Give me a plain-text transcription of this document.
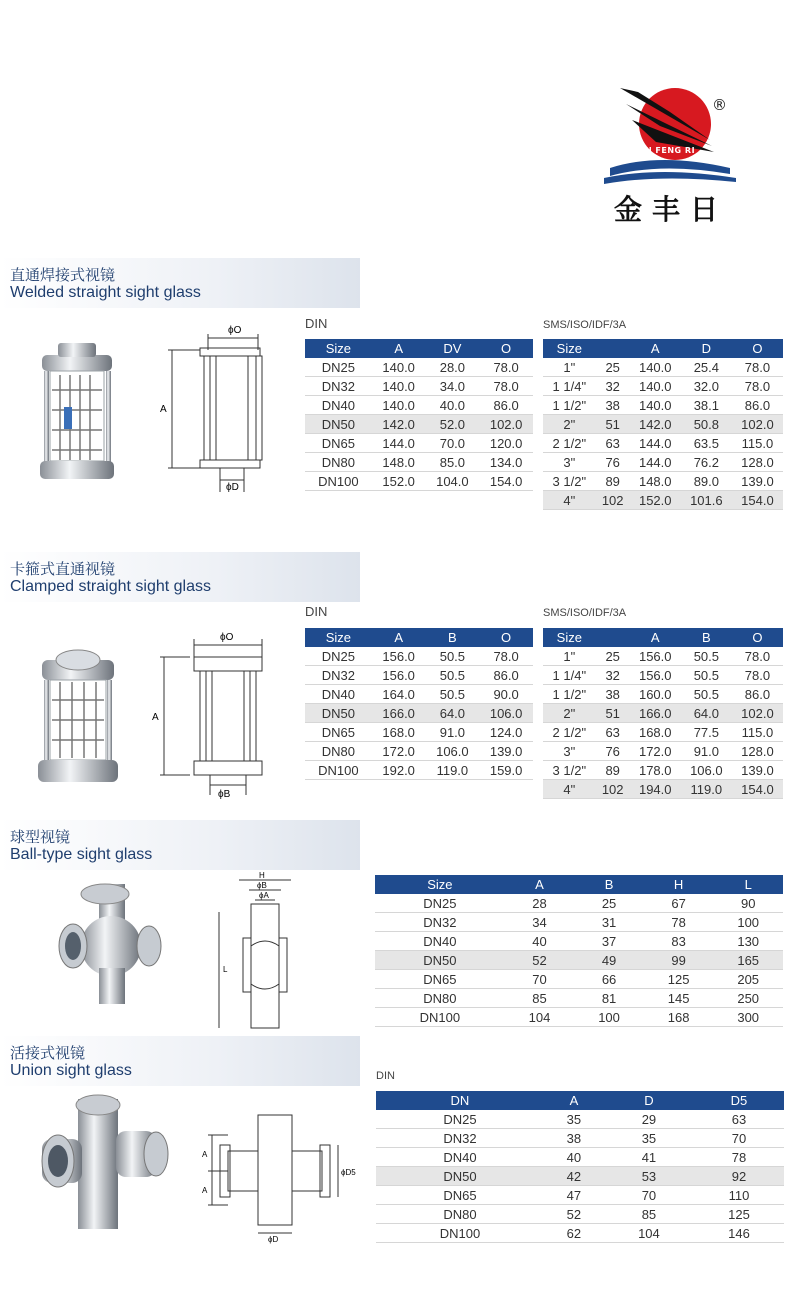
JIN FENG RI
®
金丰日
直通焊接式视镜
Welded straight sight glass
ϕO
A
ϕD
DIN
Size	A	DV	O
DN25	140.0	28.0	78.0
DN32	140.0	34.0	78.0
DN40	140.0	40.0	86.0
DN50	142.0	52.0	102.0
DN65	144.0	70.0	120.0
DN80	148.0	85.0	134.0
DN100	152.0	104.0	154.0
SMS/ISO/IDF/3A
Size		A	D	O
1"	25	140.0	25.4	78.0
1 1/4"	32	140.0	32.0	78.0
1 1/2"	38	140.0	38.1	86.0
2"	51	142.0	50.8	102.0
2 1/2"	63	144.0	63.5	115.0
3"	76	144.0	76.2	128.0
3 1/2"	89	148.0	89.0	139.0
4"	102	152.0	101.6	154.0
卡箍式直通视镜
Clamped straight sight glass
ϕO
A
ϕB
DIN
Size	A	B	O
DN25	156.0	50.5	78.0
DN32	156.0	50.5	86.0
DN40	164.0	50.5	90.0
DN50	166.0	64.0	106.0
DN65	168.0	91.0	124.0
DN80	172.0	106.0	139.0
DN100	192.0	119.0	159.0
SMS/ISO/IDF/3A
Size		A	B	O
1"	25	156.0	50.5	78.0
1 1/4"	32	156.0	50.5	78.0
1 1/2"	38	160.0	50.5	86.0
2"	51	166.0	64.0	102.0
2 1/2"	63	168.0	77.5	115.0
3"	76	172.0	91.0	128.0
3 1/2"	89	178.0	106.0	139.0
4"	102	194.0	119.0	154.0
球型视镜
Ball-type sight glass
H
ϕB
ϕA
L
Size	A	B	H	L
DN25	28	25	67	90
DN32	34	31	78	100
DN40	40	37	83	130
DN50	52	49	99	165
DN65	70	66	125	205
DN80	85	81	145	250
DN100	104	100	168	300
活接式视镜
Union sight glass
A
A
ϕD5
ϕD
DIN
DN	A	D	D5
DN25	35	29	63
DN32	38	35	70
DN40	40	41	78
DN50	42	53	92
DN65	47	70	110
DN80	52	85	125
DN100	62	104	146
